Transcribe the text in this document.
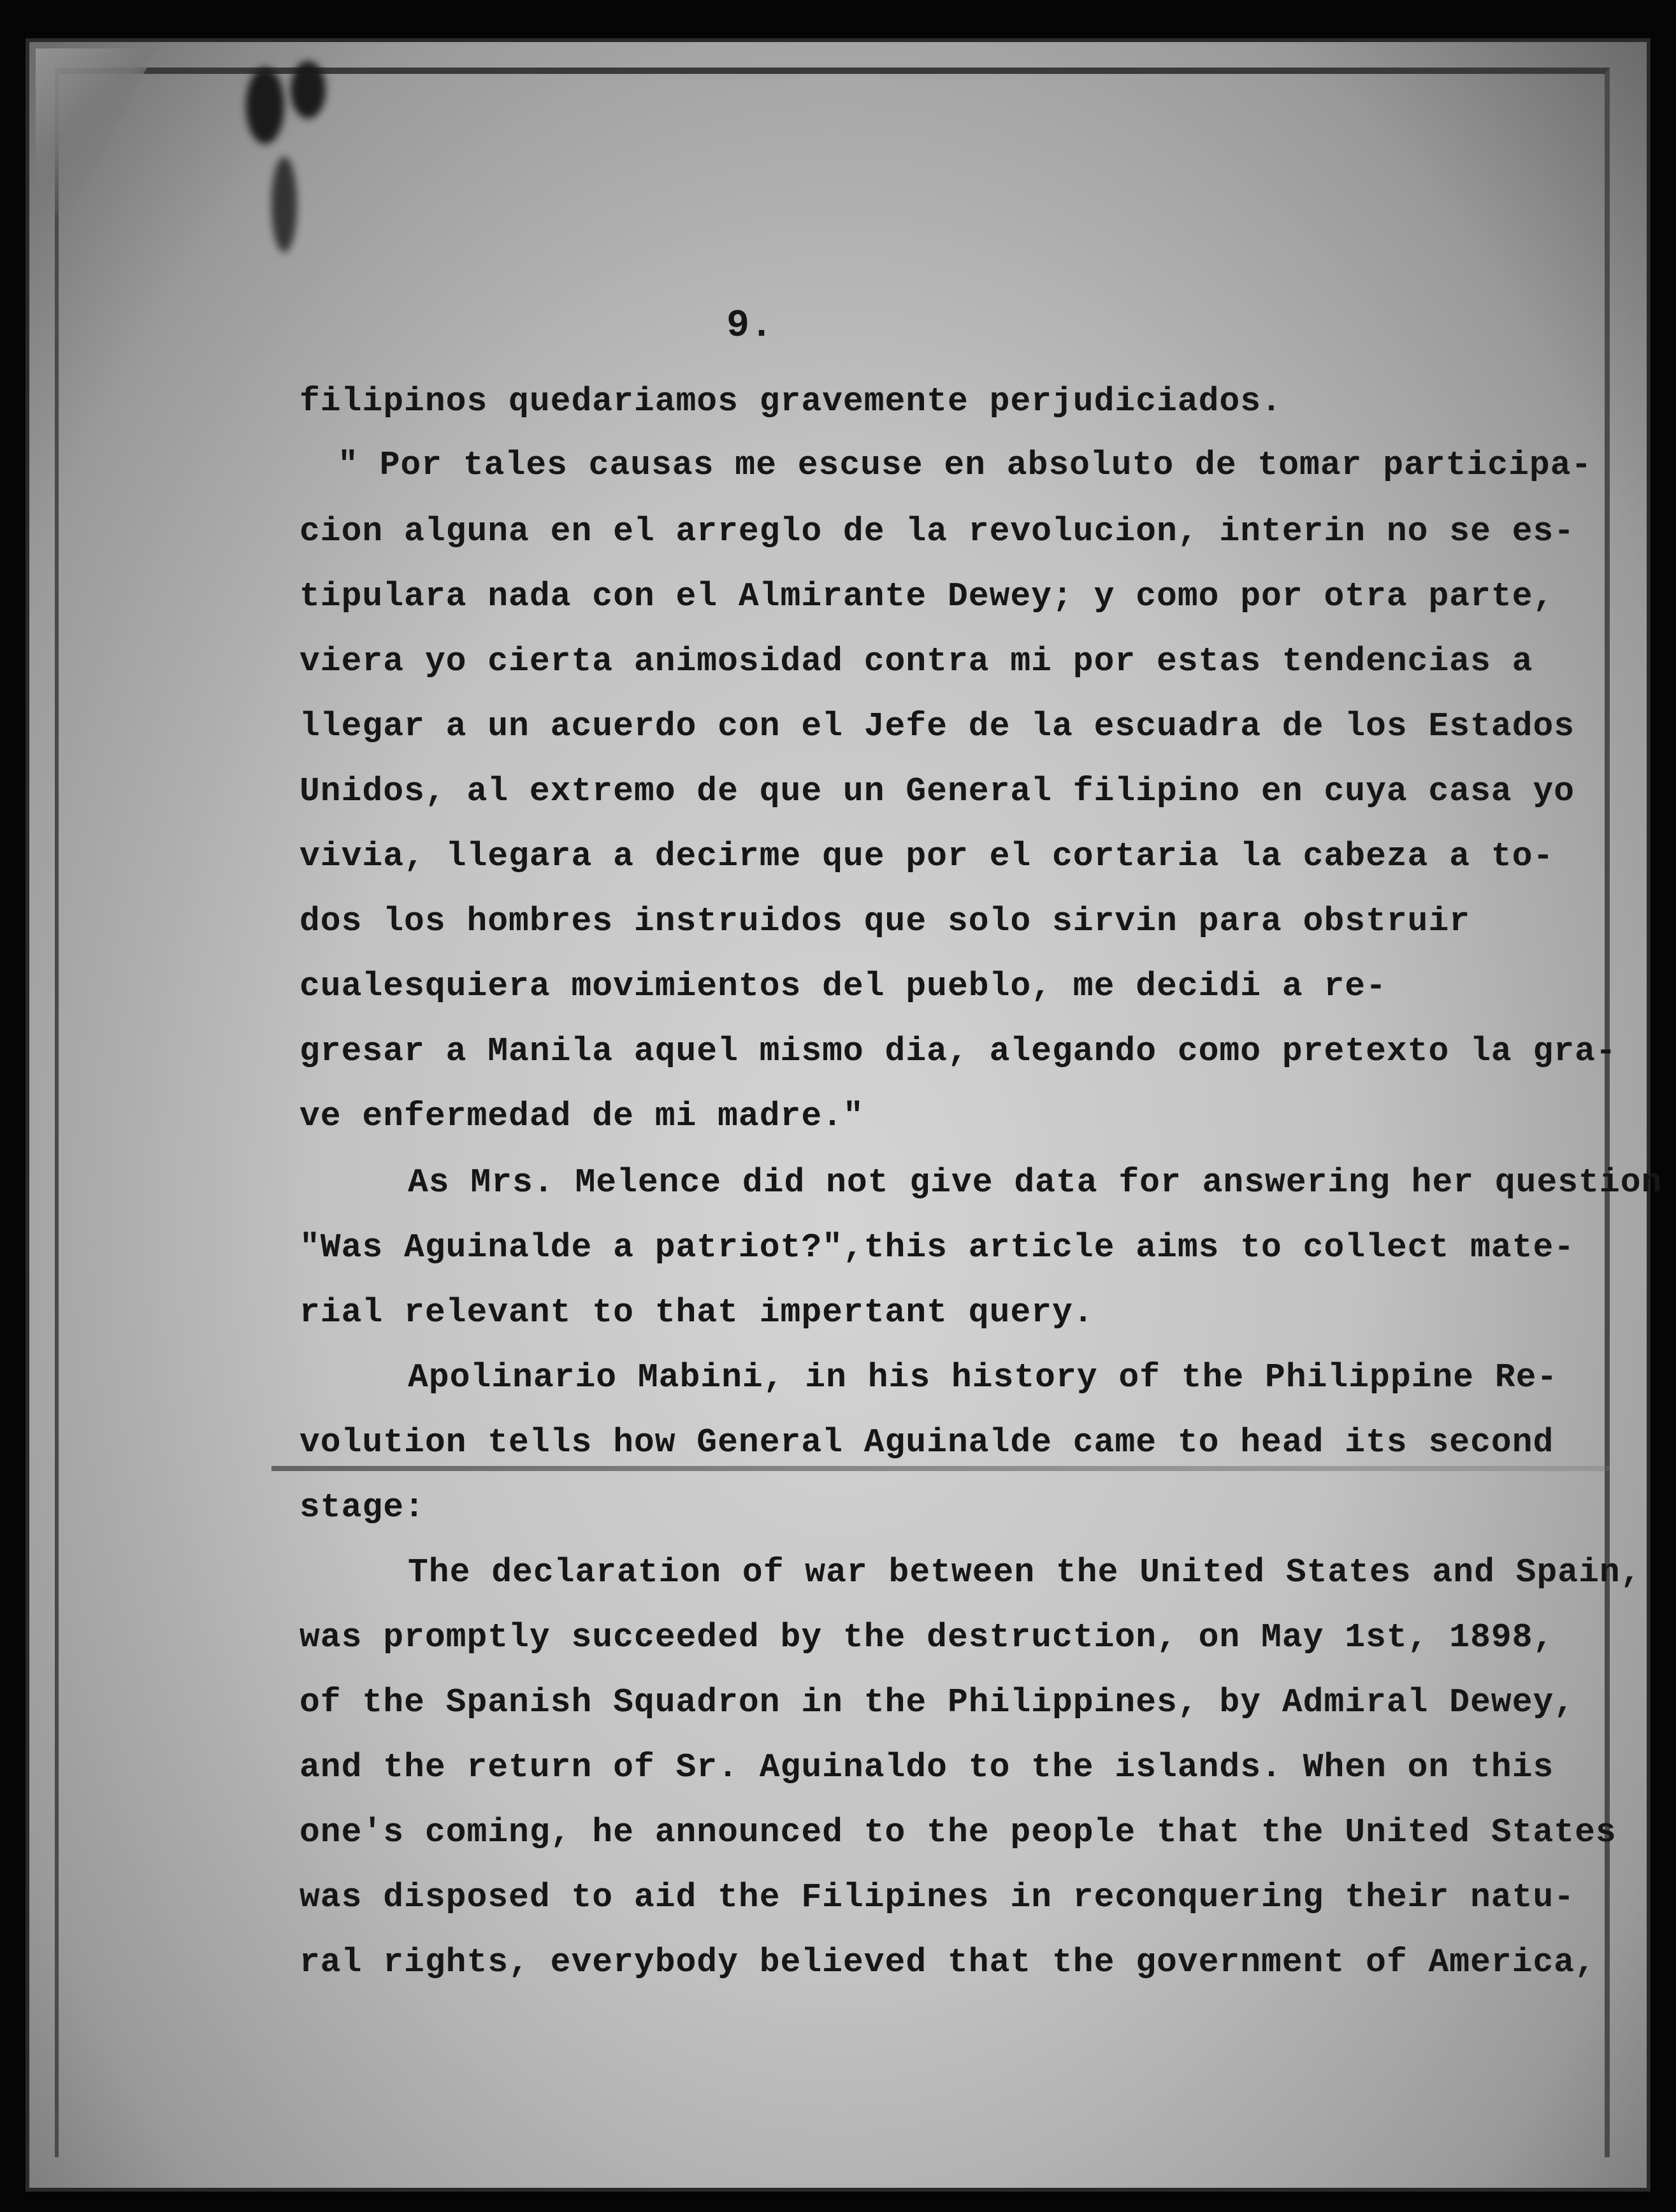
9.

filipinos quedariamos gravemente perjudiciados.

" Por tales causas me escuse en absoluto de tomar participa-

cion alguna en el arreglo de la revolucion, interin no se es-

tipulara nada con el Almirante Dewey; y como por otra parte,

viera yo cierta animosidad contra mi por estas tendencias a

llegar a un acuerdo con el Jefe de la escuadra de los Estados

Unidos, al extremo de que un General filipino en cuya casa yo

vivia, llegara a decirme que por el cortaria la cabeza a to-

dos los hombres instruidos que solo sirvin para obstruir

cualesquiera movimientos del pueblo, me decidi a re-

gresar a Manila aquel mismo dia, alegando como pretexto la gra-

ve enfermedad de mi madre."

As Mrs. Melence did not give data for answering her question

"Was Aguinalde a patriot?",this article aims to collect mate-

rial relevant to that impertant query.

Apolinario Mabini, in his history of the Philippine Re-

volution tells how General Aguinalde came to head its second

stage:

The declaration of war between the United States and Spain,

was promptly succeeded by the destruction, on May 1st, 1898,

of the Spanish Squadron in the Philippines, by Admiral Dewey,

and the return of Sr. Aguinaldo to the islands. When on this

one's coming, he announced to the people that the United States

was disposed to aid the Filipines in reconquering their natu-

ral rights, everybody believed that the government of America,
